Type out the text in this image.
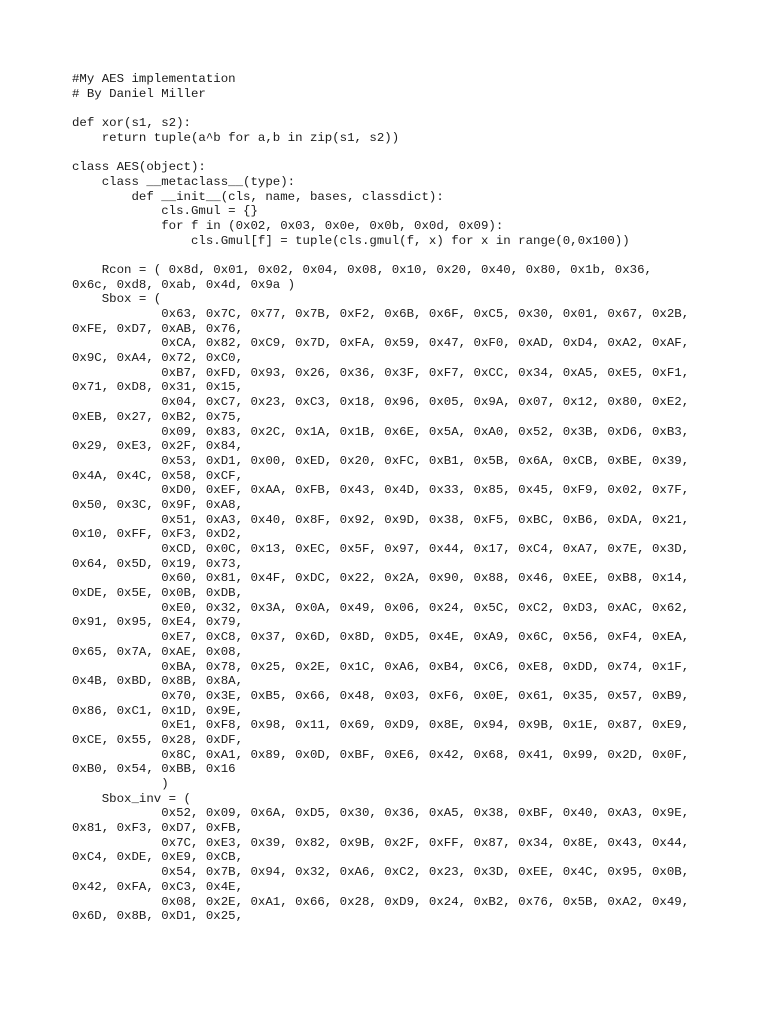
#My AES implementation
# By Daniel Miller
def xor(s1, s2):
return tuple(a^b for a,b in zip(s1, s2))
class AES(object):
class __metaclass__(type):
def __init__(cls, name, bases, classdict):
cls.Gmul = {}
for f in (0x02, 0x03, 0x0e, 0x0b, 0x0d, 0x09):
cls.Gmul[f] = tuple(cls.gmul(f, x) for x in range(0,0x100))
Rcon = ( 0x8d, 0x01, 0x02, 0x04, 0x08, 0x10, 0x20, 0x40, 0x80, 0x1b, 0x36,
0x6c, 0xd8, 0xab, 0x4d, 0x9a )
Sbox = (
0x63, 0x7C, 0x77, 0x7B, 0xF2, 0x6B, 0x6F, 0xC5, 0x30, 0x01, 0x67, 0x2B,
0xFE, 0xD7, 0xAB, 0x76,
0xCA, 0x82, 0xC9, 0x7D, 0xFA, 0x59, 0x47, 0xF0, 0xAD, 0xD4, 0xA2, 0xAF,
0x9C, 0xA4, 0x72, 0xC0,
0xB7, 0xFD, 0x93, 0x26, 0x36, 0x3F, 0xF7, 0xCC, 0x34, 0xA5, 0xE5, 0xF1,
0x71, 0xD8, 0x31, 0x15,
0x04, 0xC7, 0x23, 0xC3, 0x18, 0x96, 0x05, 0x9A, 0x07, 0x12, 0x80, 0xE2,
0xEB, 0x27, 0xB2, 0x75,
0x09, 0x83, 0x2C, 0x1A, 0x1B, 0x6E, 0x5A, 0xA0, 0x52, 0x3B, 0xD6, 0xB3,
0x29, 0xE3, 0x2F, 0x84,
0x53, 0xD1, 0x00, 0xED, 0x20, 0xFC, 0xB1, 0x5B, 0x6A, 0xCB, 0xBE, 0x39,
0x4A, 0x4C, 0x58, 0xCF,
0xD0, 0xEF, 0xAA, 0xFB, 0x43, 0x4D, 0x33, 0x85, 0x45, 0xF9, 0x02, 0x7F,
0x50, 0x3C, 0x9F, 0xA8,
0x51, 0xA3, 0x40, 0x8F, 0x92, 0x9D, 0x38, 0xF5, 0xBC, 0xB6, 0xDA, 0x21,
0x10, 0xFF, 0xF3, 0xD2,
0xCD, 0x0C, 0x13, 0xEC, 0x5F, 0x97, 0x44, 0x17, 0xC4, 0xA7, 0x7E, 0x3D,
0x64, 0x5D, 0x19, 0x73,
0x60, 0x81, 0x4F, 0xDC, 0x22, 0x2A, 0x90, 0x88, 0x46, 0xEE, 0xB8, 0x14,
0xDE, 0x5E, 0x0B, 0xDB,
0xE0, 0x32, 0x3A, 0x0A, 0x49, 0x06, 0x24, 0x5C, 0xC2, 0xD3, 0xAC, 0x62,
0x91, 0x95, 0xE4, 0x79,
0xE7, 0xC8, 0x37, 0x6D, 0x8D, 0xD5, 0x4E, 0xA9, 0x6C, 0x56, 0xF4, 0xEA,
0x65, 0x7A, 0xAE, 0x08,
0xBA, 0x78, 0x25, 0x2E, 0x1C, 0xA6, 0xB4, 0xC6, 0xE8, 0xDD, 0x74, 0x1F,
0x4B, 0xBD, 0x8B, 0x8A,
0x70, 0x3E, 0xB5, 0x66, 0x48, 0x03, 0xF6, 0x0E, 0x61, 0x35, 0x57, 0xB9,
0x86, 0xC1, 0x1D, 0x9E,
0xE1, 0xF8, 0x98, 0x11, 0x69, 0xD9, 0x8E, 0x94, 0x9B, 0x1E, 0x87, 0xE9,
0xCE, 0x55, 0x28, 0xDF,
0x8C, 0xA1, 0x89, 0x0D, 0xBF, 0xE6, 0x42, 0x68, 0x41, 0x99, 0x2D, 0x0F,
0xB0, 0x54, 0xBB, 0x16
)
Sbox_inv = (
0x52, 0x09, 0x6A, 0xD5, 0x30, 0x36, 0xA5, 0x38, 0xBF, 0x40, 0xA3, 0x9E,
0x81, 0xF3, 0xD7, 0xFB,
0x7C, 0xE3, 0x39, 0x82, 0x9B, 0x2F, 0xFF, 0x87, 0x34, 0x8E, 0x43, 0x44,
0xC4, 0xDE, 0xE9, 0xCB,
0x54, 0x7B, 0x94, 0x32, 0xA6, 0xC2, 0x23, 0x3D, 0xEE, 0x4C, 0x95, 0x0B,
0x42, 0xFA, 0xC3, 0x4E,
0x08, 0x2E, 0xA1, 0x66, 0x28, 0xD9, 0x24, 0xB2, 0x76, 0x5B, 0xA2, 0x49,
0x6D, 0x8B, 0xD1, 0x25,
